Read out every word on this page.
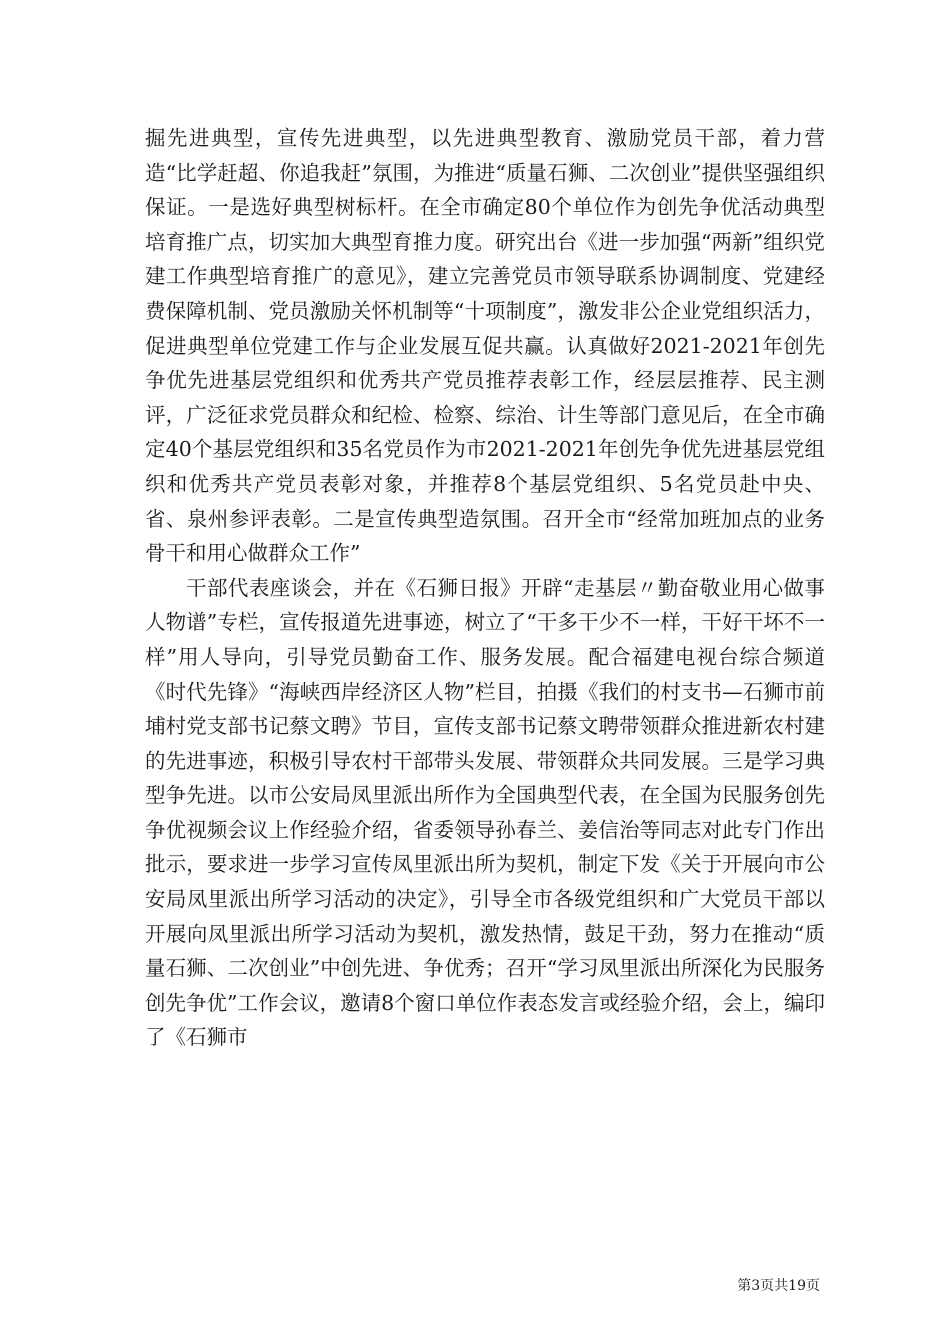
掘先进典型，宣传先进典型，以先进典型教育、激励党员干部，着力营造“比学赶超、你追我赶”氛围，为推进“质量石狮、二次创业”提供坚强组织保证。一是选好典型树标杆。在全市确定80个单位作为创先争优活动典型培育推广点，切实加大典型育推力度。研究出台《进一步加强“两新”组织党建工作典型培育推广的意见》，建立完善党员市领导联系协调制度、党建经费保障机制、党员激励关怀机制等“十项制度”，激发非公企业党组织活力，促进典型单位党建工作与企业发展互促共赢。认真做好2021-2021年创先争优先进基层党组织和优秀共产党员推荐表彰工作，经层层推荐、民主测评，广泛征求党员群众和纪检、检察、综治、计生等部门意见后，在全市确定40个基层党组织和35名党员作为市2021-2021年创先争优先进基层党组织和优秀共产党员表彰对象，并推荐8个基层党组织、5名党员赴中央、省、泉州参评表彰。二是宣传典型造氛围。召开全市“经常加班加点的业务骨干和用心做群众工作”

干部代表座谈会，并在《石狮日报》开辟“走基层〃勤奋敬业用心做事人物谱”专栏，宣传报道先进事迹，树立了“干多干少不一样，干好干坏不一样”用人导向，引导党员勤奋工作、服务发展。配合福建电视台综合频道《时代先锋》“海峡西岸经济区人物”栏目，拍摄《我们的村支书—石狮市前埔村党支部书记蔡文聘》节目，宣传支部书记蔡文聘带领群众推进新农村建的先进事迹，积极引导农村干部带头发展、带领群众共同发展。三是学习典型争先进。以市公安局凤里派出所作为全国典型代表，在全国为民服务创先争优视频会议上作经验介绍，省委领导孙春兰、姜信治等同志对此专门作出批示，要求进一步学习宣传凤里派出所为契机，制定下发《关于开展向市公安局凤里派出所学习活动的决定》，引导全市各级党组织和广大党员干部以开展向凤里派出所学习活动为契机，激发热情，鼓足干劲，努力在推动“质量石狮、二次创业”中创先进、争优秀；召开“学习凤里派出所深化为民服务创先争优”工作会议，邀请8个窗口单位作表态发言或经验介绍，会上，编印了《石狮市

第3页共19页
